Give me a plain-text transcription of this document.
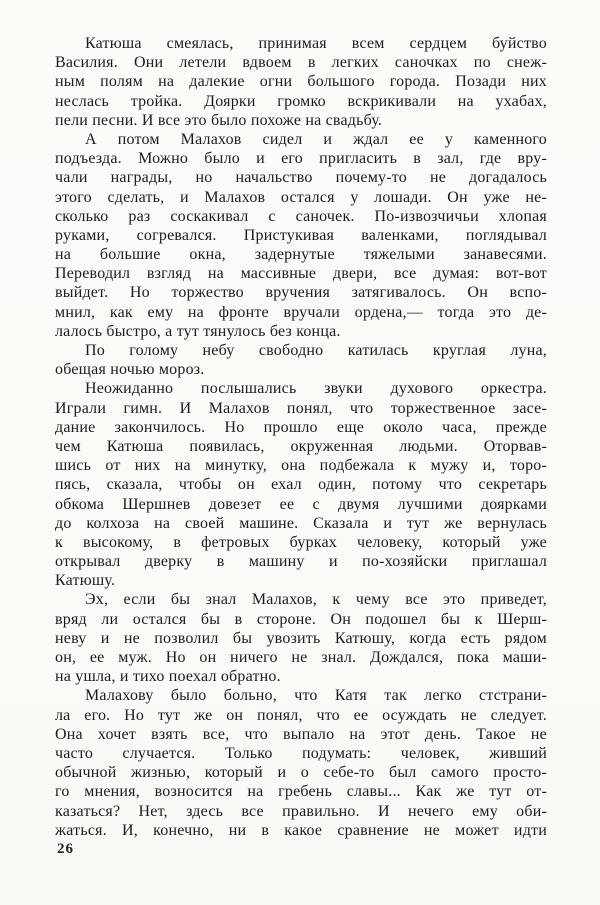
Катюша смеялась, принимая всем сердцем буйство
Василия. Они летели вдвоем в легких саночках по снеж-
ным полям на далекие огни большого города. Позади них
неслась тройка. Доярки громко вскрикивали на ухабах,
пели песни. И все это было похоже на свадьбу.
А потом Малахов сидел и ждал ее у каменного
подъезда. Можно было и его пригласить в зал, где вру-
чали награды, но начальство почему-то не догадалось
этого сделать, и Малахов остался у лошади. Он уже не-
сколько раз соскакивал с саночек. По-извозчичьи хлопая
руками, согревался. Пристукивая валенками, поглядывал
на большие окна, задернутые тяжелыми занавесями.
Переводил взгляд на массивные двери, все думая: вот-вот
выйдет. Но торжество вручения затягивалось. Он вспо-
мнил, как ему на фронте вручали ордена,— тогда это де-
лалось быстро, а тут тянулось без конца.
По голому небу свободно катилась круглая луна,
обещая ночью мороз.
Неожиданно послышались звуки духового оркестра.
Играли гимн. И Малахов понял, что торжественное засе-
дание закончилось. Но прошло еще около часа, прежде
чем Катюша появилась, окруженная людьми. Оторвав-
шись от них на минутку, она подбежала к мужу и, торо-
пясь, сказала, чтобы он ехал один, потому что секретарь
обкома Шершнев довезет ее с двумя лучшими доярками
до колхоза на своей машине. Сказала и тут же вернулась
к высокому, в фетровых бурках человеку, который уже
открывал дверку в машину и по-хозяйски приглашал
Катюшу.
Эх, если бы знал Малахов, к чему все это приведет,
вряд ли остался бы в стороне. Он подошел бы к Шерш-
неву и не позволил бы увозить Катюшу, когда есть рядом
он, ее муж. Но он ничего не знал. Дождался, пока маши-
на ушла, и тихо поехал обратно.
Малахову было больно, что Катя так легко стстрани-
ла его. Но тут же он понял, что ее осуждать не следует.
Она хочет взять все, что выпало на этот день. Такое не
часто случается. Только подумать: человек, живший
обычной жизнью, который и о себе-то был самого просто-
го мнения, возносится на гребень славы... Как же тут от-
казаться? Нет, здесь все правильно. И нечего ему оби-
жаться. И, конечно, ни в какое сравнение не может идти
26
